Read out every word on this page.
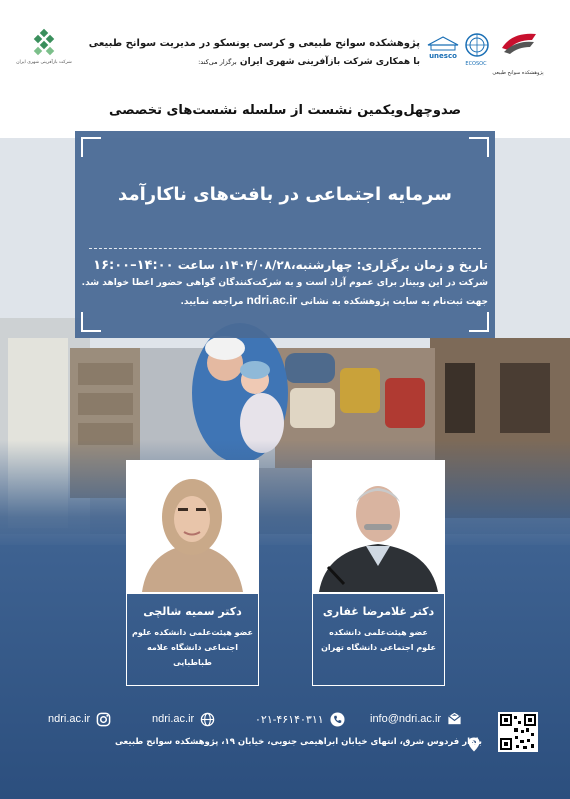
پژوهشکده سوانح طبیعی
ECOSOC
unesco
شرکت بازآفرینی شهری ایران
پژوهشکده سوانح طبیعی و کرسی یونسکو در مدیریت سوانح طبیعی
با همکاری شرکت بازآفرینی شهری ایران برگزار می‌کند:
صدوچهل‌ویکمین نشست از سلسله نشست‌های تخصصی
سرمایه اجتماعی در بافت‌های ناکارآمد
تاریخ و زمان برگزاری: چهارشنبه،۱۴۰۴/۰۸/۲۸، ساعت ۱۴:۰۰–۱۶:۰۰
شرکت در این وبینار برای عموم آزاد است و به شرکت‌کنندگان گواهی حضور اعطا خواهد شد.
جهت ثبت‌نام به سایت پژوهشکده به نشانی ndri.ac.ir مراجعه نمایید.
دکتر سمیه شالچی
عضو هیئت‌علمی دانشکده علوم
اجتماعی دانشگاه علامه طباطبایی
دکتر غلامرضا غفاری
عضو هیئت‌علمی دانشکده
علوم اجتماعی دانشگاه تهران
ndri.ac.ir	ndri.ac.ir	۰۲۱-۴۶۱۴۰۳۱۱	info@ndri.ac.ir
بلوار فردوس شرق، انتهای خیابان ابراهیمی جنوبی، خیابان ۱۹، پژوهشکده سوانح طبیعی
